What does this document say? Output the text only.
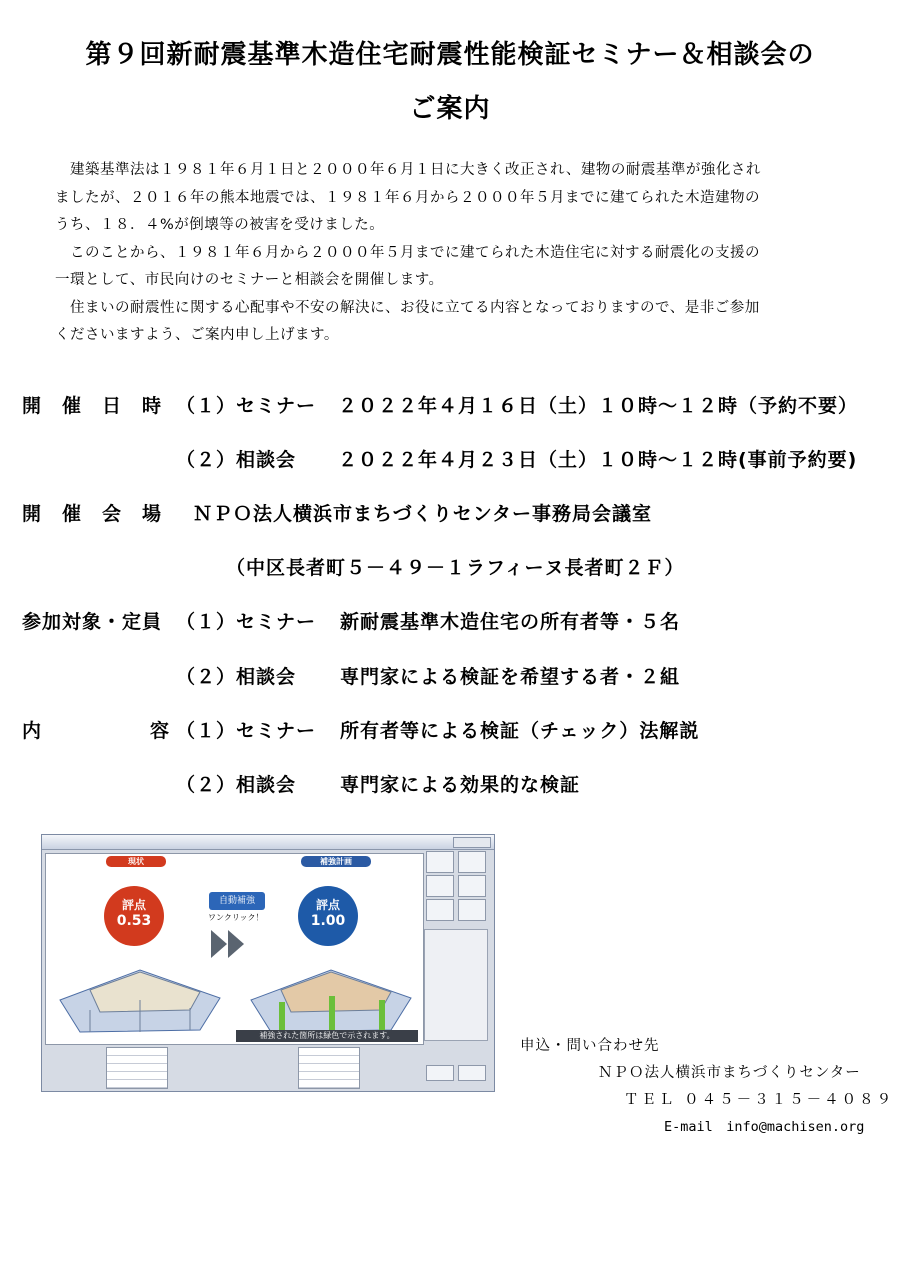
第９回新耐震基準木造住宅耐震性能検証セミナー＆相談会の
ご案内

　建築基準法は１９８１年６月１日と２０００年６月１日に大きく改正され、建物の耐震基準が強化され

ましたが、２０１６年の熊本地震では、１９８１年６月から２０００年５月までに建てられた木造建物の

うち、１８．４%が倒壊等の被害を受けました。

　このことから、１９８１年６月から２０００年５月までに建てられた木造住宅に対する耐震化の支援の

一環として、市民向けのセミナーと相談会を開催します。

　住まいの耐震性に関する心配事や不安の解決に、お役に立てる内容となっておりますので、是非ご参加

くださいますよう、ご案内申し上げます。

開　催　日　時 （１）セミナー ２０２２年４月１６日（土）１０時～１２時（予約不要）
（２）相談会 ２０２２年４月２３日（土）１０時～１２時(事前予約要)
開　催　会　場 ＮＰＯ法人横浜市まちづくりセンター事務局会議室
（中区長者町５－４９－１ラフィーヌ長者町２Ｆ）
参加対象・定員 （１）セミナー 新耐震基準木造住宅の所有者等・５名
（２）相談会 専門家による検証を希望する者・２組
内	容 （１）セミナー 所有者等による検証（チェック）法解説
（２）相談会 専門家による効果的な検証
現状	補強計画
評点
0.53
自動補強
ワンクリック！
評点
1.00
補強された箇所は緑色で示されます。
申込・問い合わせ先
ＮＰＯ法人横浜市まちづくりセンター
ＴＥＬ ０４５－３１５－４０８９
E-mail　info@machisen.org
